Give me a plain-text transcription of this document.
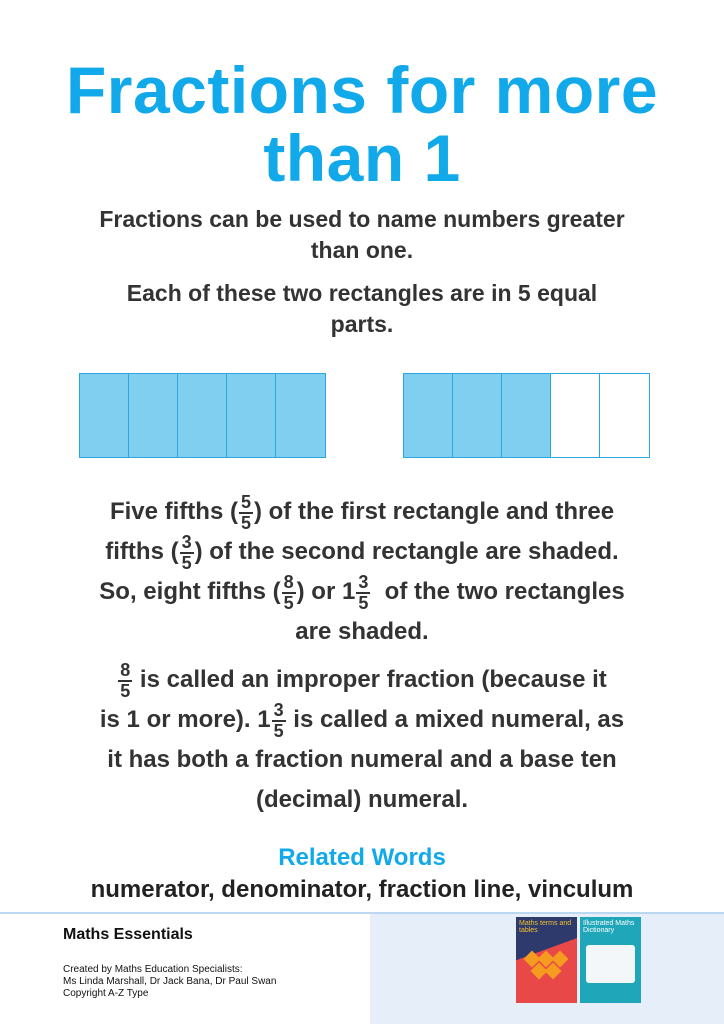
Fractions for more
than 1
Fractions can be used to name numbers greater
than one.
Each of these two rectangles are in 5 equal
parts.
Five fifths ( $\frac{5}{5}$ ) of the first rectangle and three
fifths ( $\frac{3}{5}$ ) of the second rectangle are shaded.
So, eight fifths ( $\frac{8}{5}$ ) or $1 \frac{3}{5}$ of the two rectangles
are shaded.
$\frac{8}{5}$ is called an improper fraction (because it
is 1 or more). $1 \frac{3}{5}$ is called a mixed numeral, as
it has both a fraction numeral and a base ten
(decimal) numeral.
Related Words
numerator, denominator, fraction line, vinculum
Maths Essentials
Created by Maths Education Specialists:
Ms Linda Marshall, Dr Jack Bana, Dr Paul Swan
Copyright A-Z Type
Maths terms and tables
Illustrated Maths Dictionary
